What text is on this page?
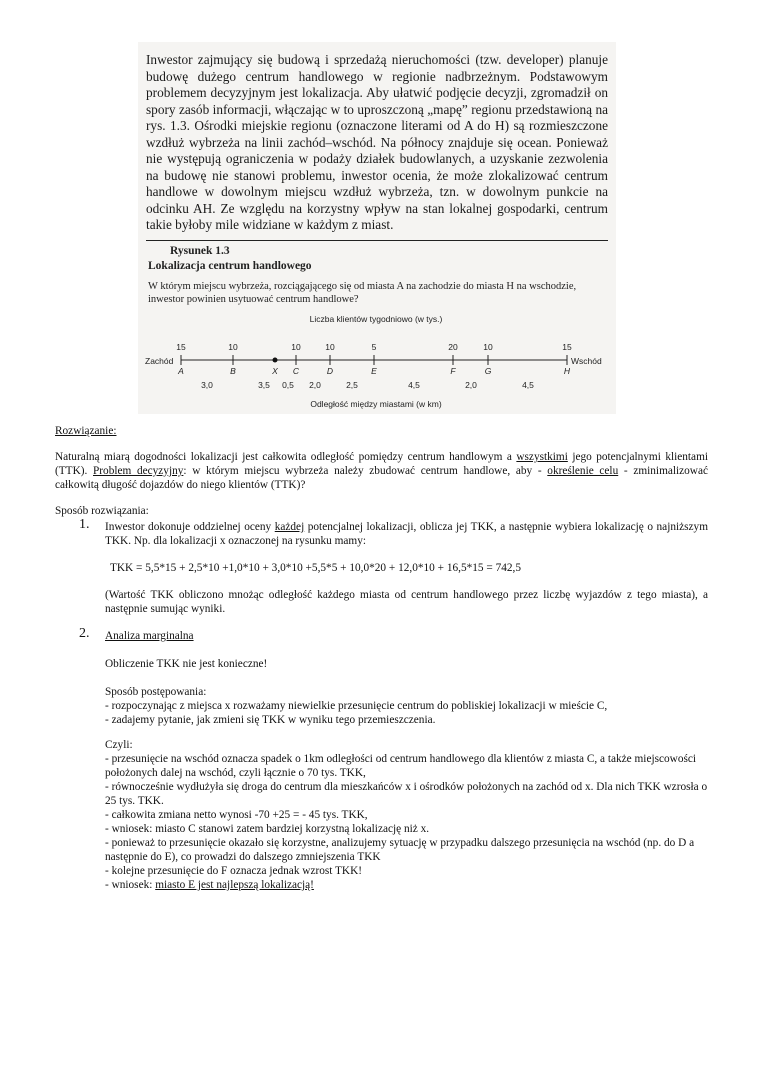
Inwestor zajmujący się budową i sprzedażą nieruchomości (tzw. developer) planuje budowę dużego centrum handlowego w regionie nadbrzeżnym. Podstawowym problemem decyzyjnym jest lokalizacja. Aby ułatwić podjęcie decyzji, zgromadził on spory zasób informacji, włączając w to uproszczoną „mapę” regionu przedstawioną na rys. 1.3. Ośrodki miejskie regionu (oznaczone literami od A do H) są rozmieszczone wzdłuż wybrzeża na linii zachód–wschód. Na północy znajduje się ocean. Ponieważ nie występują ograniczenia w podaży działek budowlanych, a uzyskanie zezwolenia na budowę nie stanowi problemu, inwestor ocenia, że może zlokalizować centrum handlowe w dowolnym miejscu wzdłuż wybrzeża, tzn. w dowolnym punkcie na odcinku AH. Ze względu na korzystny wpływ na stan lokalnej gospodarki, centrum takie byłoby mile widziane w każdym z miast.

Rysunek 1.3

Lokalizacja centrum handlowego

W którym miejscu wybrzeża, rozciągającego się od miasta A na zachodzie do miasta H na wschodzie, inwestor powinien usytuować centrum handlowe?

Liczba klientów tygodniowo (w tys.)
15	10	10	10	5	20	10	15
Zachód	Wschód
A	B	X C	D	E	F	G	H
3,0	3,5 0,5 2,0	2,5	4,5	2,0	4,5
Odległość między miastami (w km)

Rozwiązanie:

Naturalną miarą dogodności lokalizacji jest całkowita odległość pomiędzy centrum handlowym a wszystkimi jego potencjalnymi klientami (TTK). Problem decyzyjny: w którym miejscu wybrzeża należy zbudować centrum handlowe, aby - określenie celu - zminimalizować całkowitą długość dojazdów do niego klientów (TTK)?

Sposób rozwiązania:

1. Inwestor dokonuje oddzielnej oceny każdej potencjalnej lokalizacji, oblicza jej TKK, a następnie wybiera lokalizację o najniższym TKK. Np. dla lokalizacji x oznaczonej na rysunku mamy:

TKK = 5,5*15 + 2,5*10 +1,0*10 + 3,0*10 +5,5*5 + 10,0*20 + 12,0*10 + 16,5*15 = 742,5

(Wartość TKK obliczono mnożąc odległość każdego miasta od centrum handlowego przez liczbę wyjazdów z tego miasta), a następnie sumując wyniki.

2. Analiza marginalna

Obliczenie TKK nie jest konieczne!

Sposób postępowania:

- rozpoczynając z miejsca x rozważamy niewielkie przesunięcie centrum do pobliskiej lokalizacji w mieście C,

- zadajemy pytanie, jak zmieni się TKK w wyniku tego przemieszczenia.

Czyli:

- przesunięcie na wschód oznacza spadek o 1km odległości od centrum handlowego dla klientów z miasta C, a także miejscowości położonych dalej na wschód, czyli łącznie o 70 tys. TKK,

- równocześnie wydłużyła się droga do centrum dla mieszkańców x i ośrodków położonych na zachód od x. Dla nich TKK wzrosła o 25 tys. TKK.

- całkowita zmiana netto wynosi -70 +25 = - 45 tys. TKK,

- wniosek: miasto C stanowi zatem bardziej korzystną lokalizację niż x.

- ponieważ to przesunięcie okazało się korzystne, analizujemy sytuację w przypadku dalszego przesunięcia na wschód (np. do D a następnie do E), co prowadzi do dalszego zmniejszenia TKK

- kolejne przesunięcie do F oznacza jednak wzrost TKK!

- wniosek: miasto E jest najlepszą lokalizacją!
